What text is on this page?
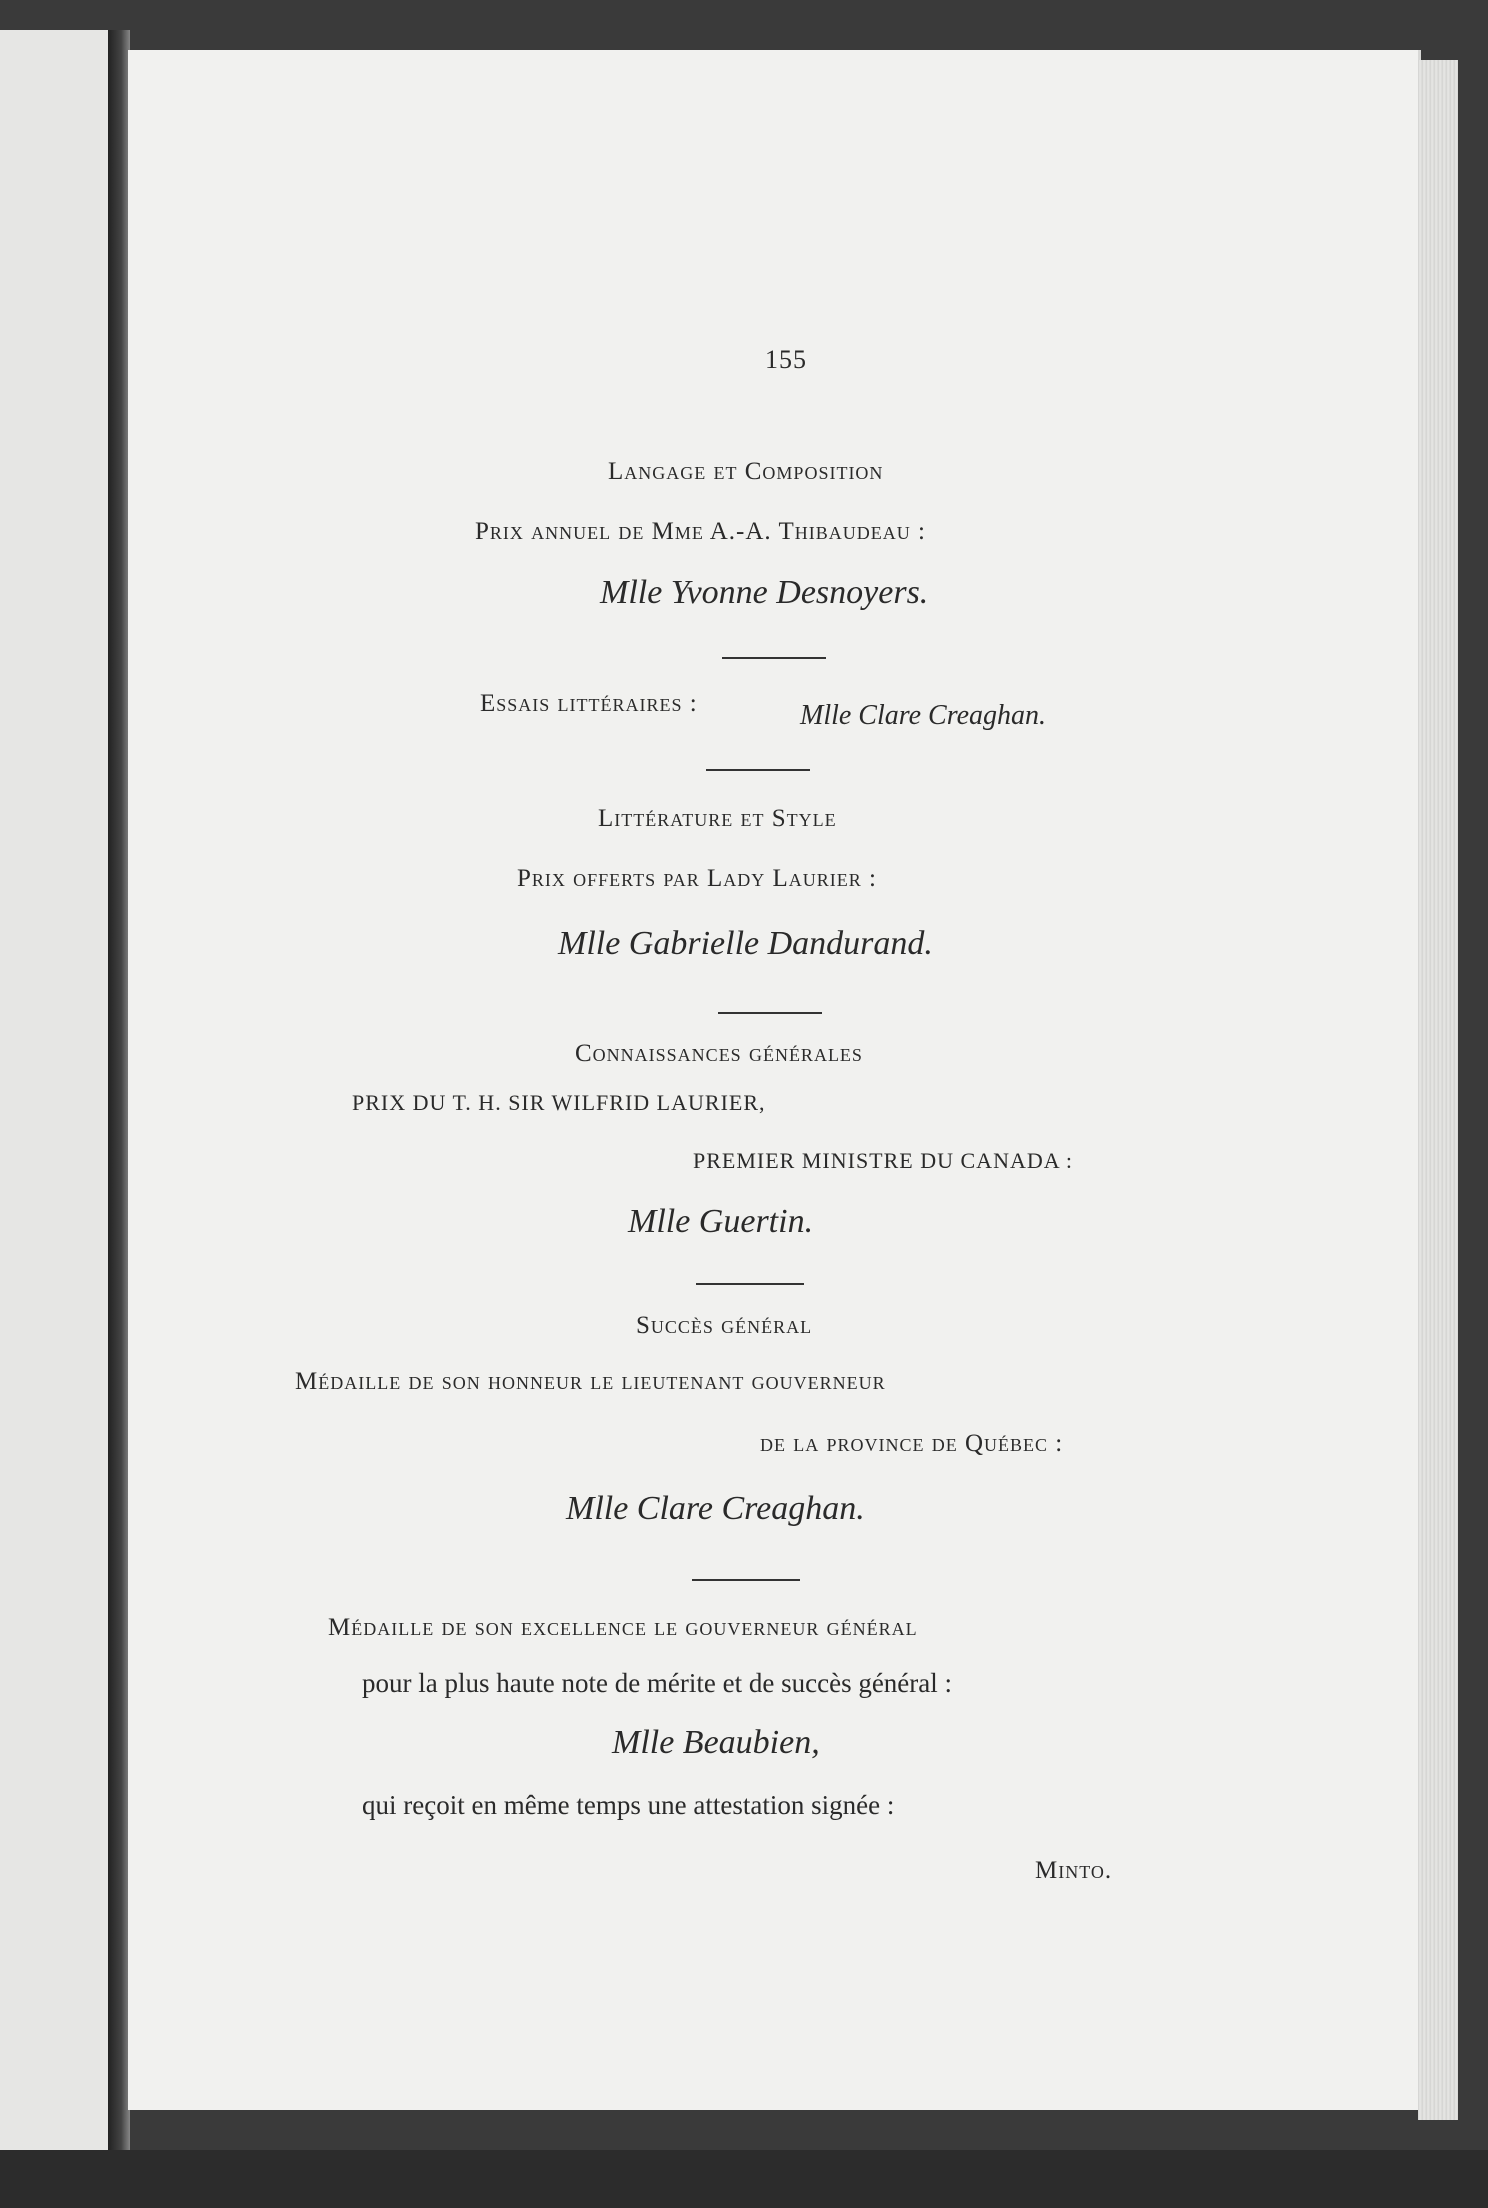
155
Langage et Composition
Prix annuel de Mme A.-A. Thibaudeau :
Mlle Yvonne Desnoyers.
Essais littéraires :	Mlle Clare Creaghan.
Littérature et Style
Prix offerts par Lady Laurier :
Mlle Gabrielle Dandurand.
Connaissances générales
PRIX DU T. H. SIR WILFRID LAURIER,
PREMIER MINISTRE DU CANADA :
Mlle Guertin.
Succès général
Médaille de son honneur le lieutenant gouverneur
de la province de Québec :
Mlle Clare Creaghan.
Médaille de son excellence le gouverneur général
pour la plus haute note de mérite et de succès général :
Mlle Beaubien,
qui reçoit en même temps une attestation signée :
Minto.
